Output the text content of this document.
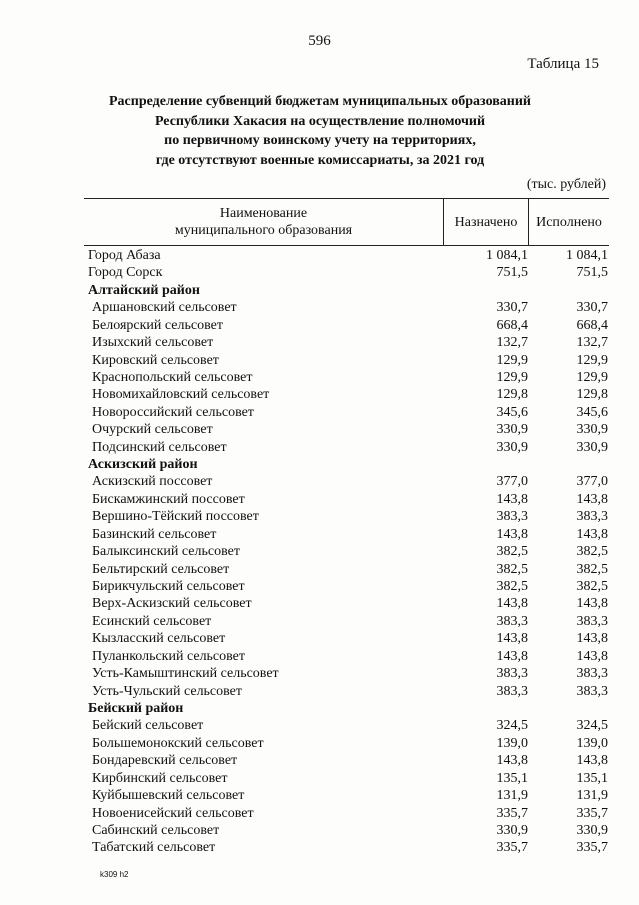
596
Таблица 15
Распределение субвенций бюджетам муниципальных образований
Республики Хакасия на осуществление полномочий
по первичному воинскому учету на территориях,
где отсутствуют военные комиссариаты, за 2021 год
(тыс. рублей)
Наименование
муниципального образования
Назначено	Исполнено
Город Абаза	1 084,1	1 084,1
Город Сорск	751,5	751,5
Алтайский район
Аршановский сельсовет	330,7	330,7
Белоярский сельсовет	668,4	668,4
Изыхский сельсовет	132,7	132,7
Кировский сельсовет	129,9	129,9
Краснопольский сельсовет	129,9	129,9
Новомихайловский сельсовет	129,8	129,8
Новороссийский сельсовет	345,6	345,6
Очурский сельсовет	330,9	330,9
Подсинский сельсовет	330,9	330,9
Аскизский район
Аскизский поссовет	377,0	377,0
Бискамжинский поссовет	143,8	143,8
Вершино-Тёйский поссовет	383,3	383,3
Базинский сельсовет	143,8	143,8
Балыксинский сельсовет	382,5	382,5
Бельтирский сельсовет	382,5	382,5
Бирикчульский сельсовет	382,5	382,5
Верх-Аскизский сельсовет	143,8	143,8
Есинский сельсовет	383,3	383,3
Кызласский сельсовет	143,8	143,8
Пуланкольский сельсовет	143,8	143,8
Усть-Камыштинский сельсовет	383,3	383,3
Усть-Чульский сельсовет	383,3	383,3
Бейский район
Бейский сельсовет	324,5	324,5
Большемонокский сельсовет	139,0	139,0
Бондаревский сельсовет	143,8	143,8
Кирбинский сельсовет	135,1	135,1
Куйбышевский сельсовет	131,9	131,9
Новоенисейский сельсовет	335,7	335,7
Сабинский сельсовет	330,9	330,9
Табатский сельсовет	335,7	335,7
k309 h2
